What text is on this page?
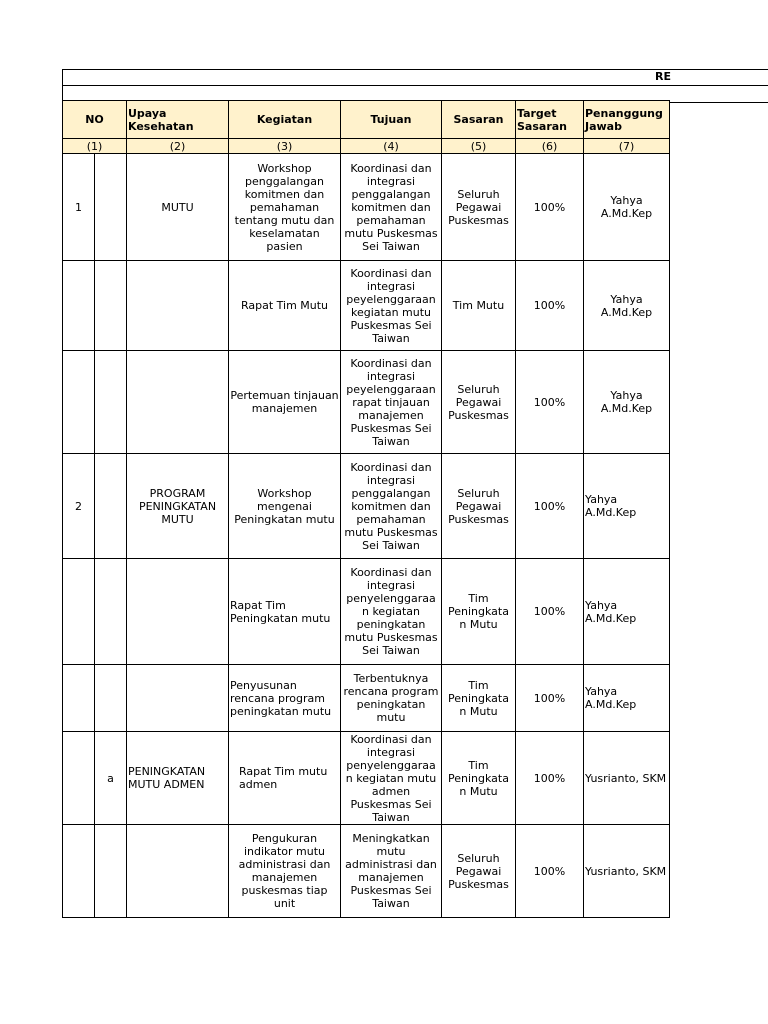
RE
NO		Upaya Kesehatan	Kegiatan	Tujuan	Sasaran	Target Sasaran	Penanggung Jawab
(1)		(2)	(3)	(4)	(5)	(6)	(7)
1		MUTU	Workshop penggalangan komitmen dan pemahaman tentang mutu dan keselamatan pasien	Koordinasi dan integrasi penggalangan komitmen dan pemahaman mutu Puskesmas Sei Taiwan	Seluruh Pegawai Puskesmas	100%	Yahya A.Md.Kep
			Rapat Tim Mutu	Koordinasi dan integrasi peyelenggaraan kegiatan mutu Puskesmas Sei Taiwan	Tim Mutu	100%	Yahya A.Md.Kep
			Pertemuan tinjauan manajemen	Koordinasi dan integrasi peyelenggaraan rapat tinjauan manajemen Puskesmas Sei Taiwan	Seluruh Pegawai Puskesmas	100%	Yahya A.Md.Kep
2		PROGRAM PENINGKATAN MUTU	Workshop mengenai Peningkatan mutu	Koordinasi dan integrasi penggalangan komitmen dan pemahaman mutu Puskesmas Sei Taiwan	Seluruh Pegawai Puskesmas	100%	Yahya A.Md.Kep
			Rapat Tim Peningkatan mutu	Koordinasi dan integrasi penyelenggaraa n kegiatan peningkatan mutu Puskesmas Sei Taiwan	Tim Peningkata n Mutu	100%	Yahya A.Md.Kep
			Penyusunan rencana program peningkatan mutu	Terbentuknya rencana program peningkatan mutu	Tim Peningkata n Mutu	100%	Yahya A.Md.Kep
	a	PENINGKATAN MUTU ADMEN	Rapat Tim mutu admen	Koordinasi dan integrasi penyelenggaraa n kegiatan mutu admen Puskesmas Sei Taiwan	Tim Peningkata n Mutu	100%	Yusrianto, SKM
			Pengukuran indikator mutu administrasi dan manajemen puskesmas tiap unit	Meningkatkan mutu administrasi dan manajemen Puskesmas Sei Taiwan	Seluruh Pegawai Puskesmas	100%	Yusrianto, SKM
